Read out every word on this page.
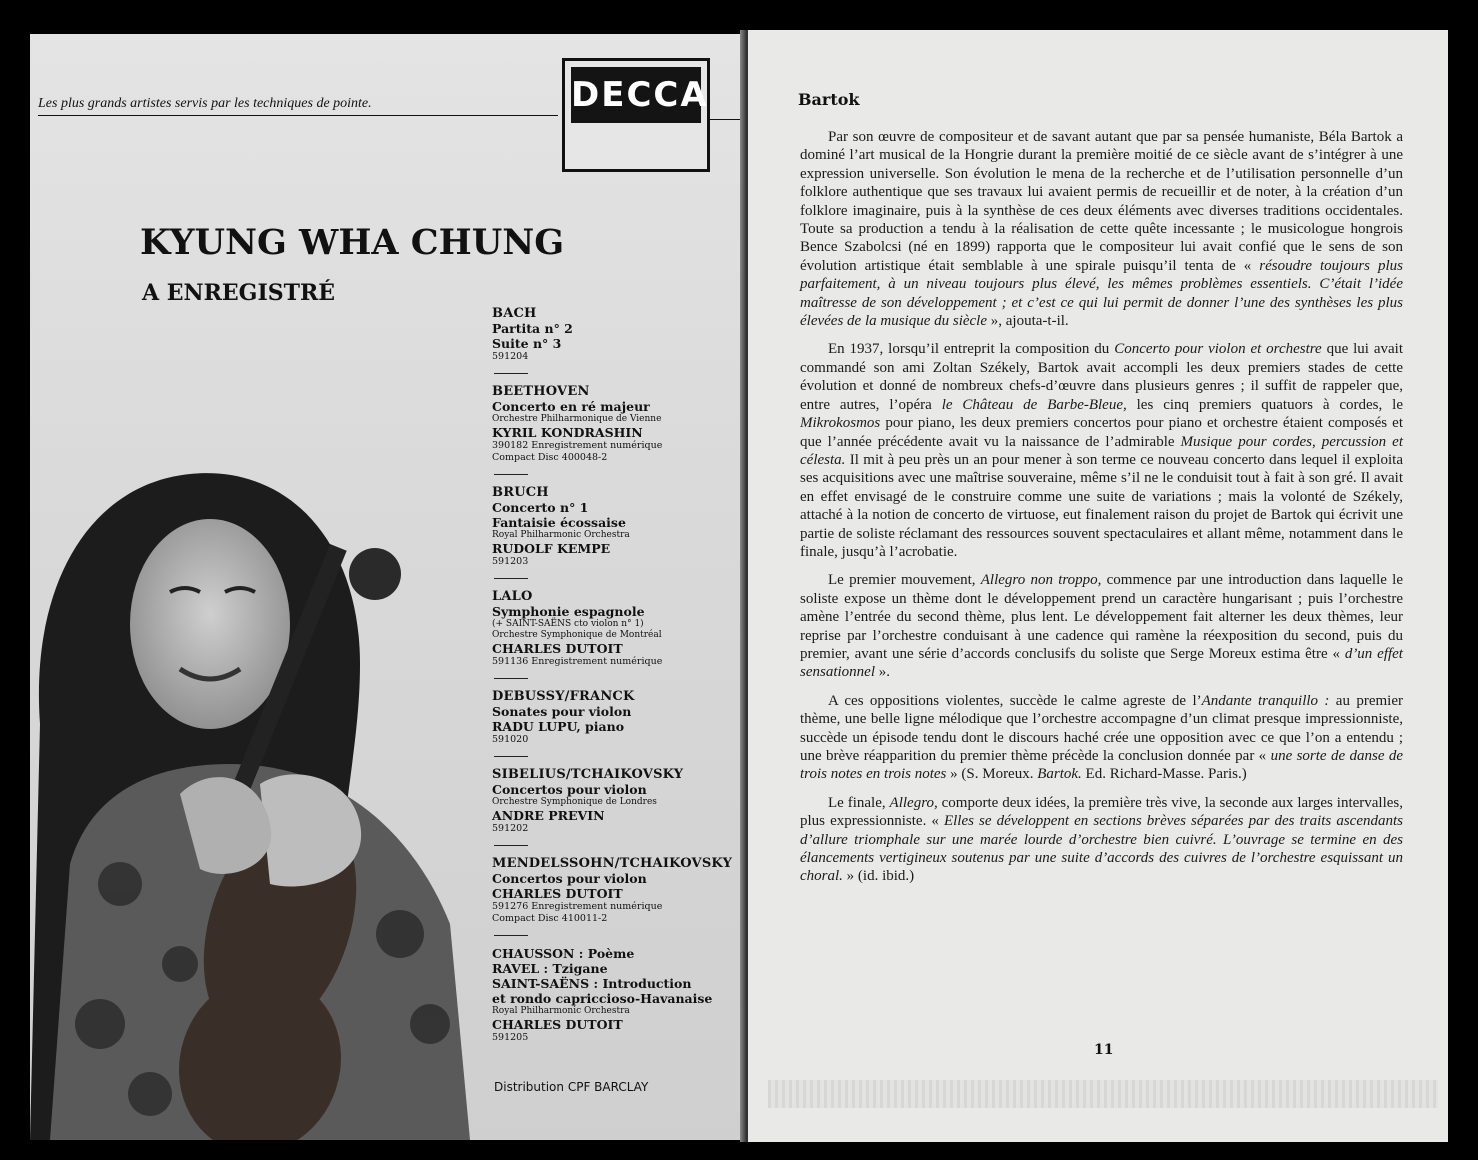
Les plus grands artistes servis par les techniques de pointe.	DECCA
KYUNG WHA CHUNG
A ENREGISTRÉ
BACH
Partita n° 2
Suite n° 3
591204
BEETHOVEN
Concerto en ré majeur
Orchestre Philharmonique de Vienne
KYRIL KONDRASHIN
390182 Enregistrement numérique
Compact Disc 400048-2
BRUCH
Concerto n° 1
Fantaisie écossaise
Royal Philharmonic Orchestra
RUDOLF KEMPE
591203
LALO
Symphonie espagnole
(+ SAINT-SAËNS cto violon n° 1)
Orchestre Symphonique de Montréal
CHARLES DUTOIT
591136 Enregistrement numérique
DEBUSSY/FRANCK
Sonates pour violon
RADU LUPU, piano
591020
SIBELIUS/TCHAIKOVSKY
Concertos pour violon
Orchestre Symphonique de Londres
ANDRE PREVIN
591202
MENDELSSOHN/TCHAIKOVSKY
Concertos pour violon
CHARLES DUTOIT
591276 Enregistrement numérique
Compact Disc 410011-2
CHAUSSON : Poème
RAVEL : Tzigane
SAINT-SAËNS : Introduction
et rondo capriccioso-Havanaise
Royal Philharmonic Orchestra
CHARLES DUTOIT
591205
Distribution CPF BARCLAY
Bartok

Par son œuvre de compositeur et de savant autant que par sa pensée humaniste, Béla Bartok a dominé l’art musical de la Hongrie durant la première moitié de ce siècle avant de s’intégrer à une expression universelle. Son évolution le mena de la recherche et de l’utilisation personnelle d’un folklore authentique que ses travaux lui avaient permis de recueillir et de noter, à la création d’un folklore imaginaire, puis à la synthèse de ces deux éléments avec diverses traditions occidentales. Toute sa production a tendu à la réalisation de cette quête incessante ; le musicologue hongrois Bence Szabolcsi (né en 1899) rapporta que le compositeur lui avait confié que le sens de son évolution artistique était semblable à une spirale puisqu’il tenta de « résoudre toujours plus parfaitement, à un niveau toujours plus élevé, les mêmes problèmes essentiels. C’était l’idée maîtresse de son développement ; et c’est ce qui lui permit de donner l’une des synthèses les plus élevées de la musique du siècle », ajouta-t-il.

En 1937, lorsqu’il entreprit la composition du Concerto pour violon et orchestre que lui avait commandé son ami Zoltan Székely, Bartok avait accompli les deux premiers stades de cette évolution et donné de nombreux chefs-d’œuvre dans plusieurs genres ; il suffit de rappeler que, entre autres, l’opéra le Château de Barbe-Bleue, les cinq premiers quatuors à cordes, le Mikrokosmos pour piano, les deux premiers concertos pour piano et orchestre étaient composés et que l’année précédente avait vu la naissance de l’admirable Musique pour cordes, percussion et célesta. Il mit à peu près un an pour mener à son terme ce nouveau concerto dans lequel il exploita ses acquisitions avec une maîtrise souveraine, même s’il ne le conduisit tout à fait à son gré. Il avait en effet envisagé de le construire comme une suite de variations ; mais la volonté de Székely, attaché à la notion de concerto de virtuose, eut finalement raison du projet de Bartok qui écrivit une partie de soliste réclamant des ressources souvent spectaculaires et allant même, notamment dans le finale, jusqu’à l’acrobatie.

Le premier mouvement, Allegro non troppo, commence par une introduction dans laquelle le soliste expose un thème dont le développement prend un caractère hungarisant ; puis l’orchestre amène l’entrée du second thème, plus lent. Le développement fait alterner les deux thèmes, leur reprise par l’orchestre conduisant à une cadence qui ramène la réexposition du second, puis du premier, avant une série d’accords conclusifs du soliste que Serge Moreux estima être « d’un effet sensationnel ».

A ces oppositions violentes, succède le calme agreste de l’Andante tranquillo : au premier thème, une belle ligne mélodique que l’orchestre accompagne d’un climat presque impressionniste, succède un épisode tendu dont le discours haché crée une opposition avec ce que l’on a entendu ; une brève réapparition du premier thème précède la conclusion donnée par « une sorte de danse de trois notes en trois notes » (S. Moreux. Bartok. Ed. Richard-Masse. Paris.)

Le finale, Allegro, comporte deux idées, la première très vive, la seconde aux larges intervalles, plus expressionniste. « Elles se développent en sections brèves séparées par des traits ascendants d’allure triomphale sur une marée lourde d’orchestre bien cuivré. L’ouvrage se termine en des élancements vertigineux soutenus par une suite d’accords des cuivres de l’orchestre esquissant un choral. » (id. ibid.)

11
